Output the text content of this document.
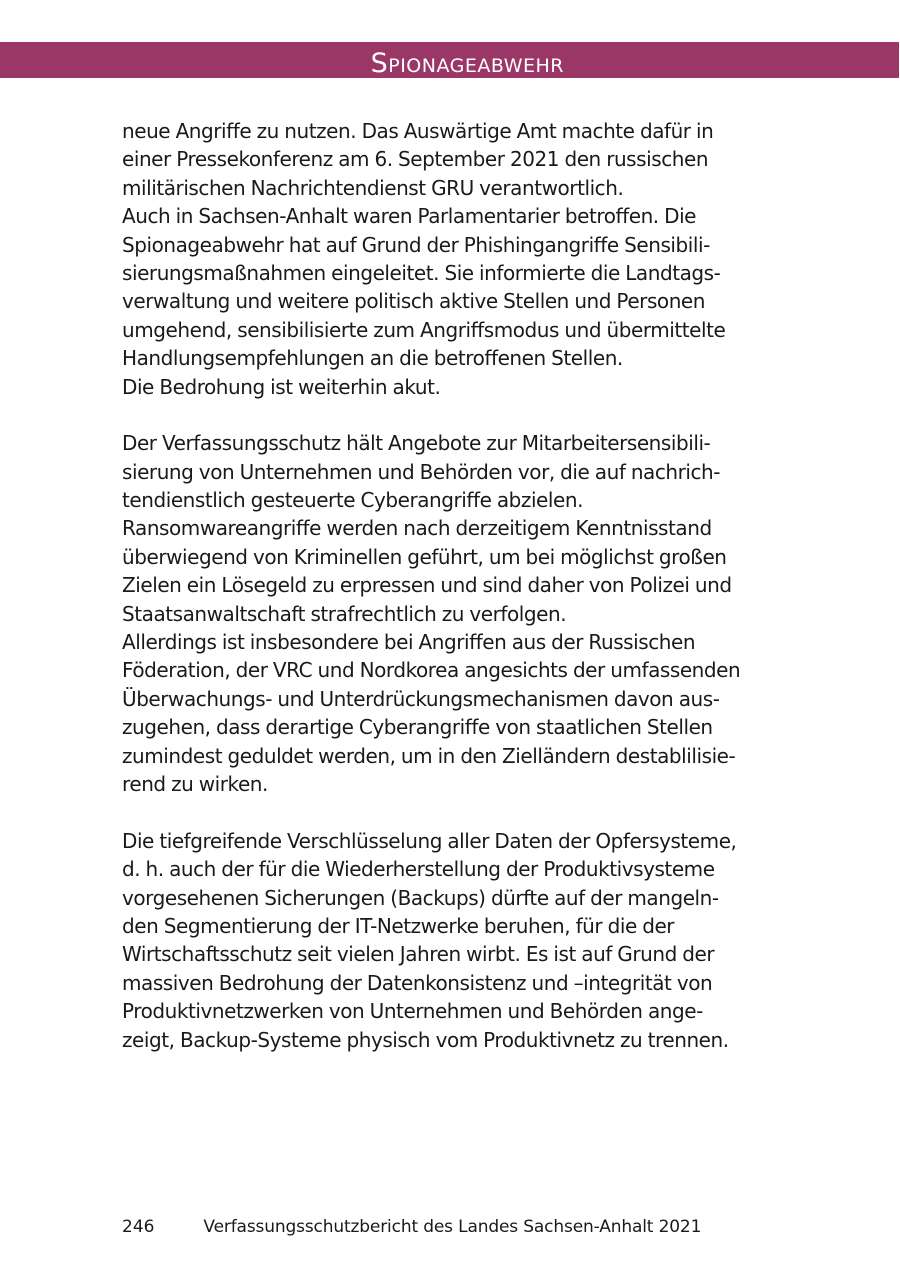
Spionageabwehr
neue Angriffe zu nutzen. Das Auswärtige Amt machte dafür in
einer Pressekonferenz am 6. September 2021 den russischen
militärischen Nachrichtendienst GRU verantwortlich.
Auch in Sachsen-Anhalt waren Parlamentarier betroffen. Die
Spionageabwehr hat auf Grund der Phishingangriffe Sensibili-
sierungsmaßnahmen eingeleitet. Sie informierte die Landtags-
verwaltung und weitere politisch aktive Stellen und Personen
umgehend, sensibilisierte zum Angriffsmodus und übermittelte
Handlungsempfehlungen an die betroffenen Stellen.
Die Bedrohung ist weiterhin akut.
Der Verfassungsschutz hält Angebote zur Mitarbeitersensibili-
sierung von Unternehmen und Behörden vor, die auf nachrich-
tendienstlich gesteuerte Cyberangriffe abzielen.
Ransomwareangriffe werden nach derzeitigem Kenntnisstand
überwiegend von Kriminellen geführt, um bei möglichst großen
Zielen ein Lösegeld zu erpressen und sind daher von Polizei und
Staatsanwaltschaft strafrechtlich zu verfolgen.
Allerdings ist insbesondere bei Angriffen aus der Russischen
Föderation, der VRC und Nordkorea angesichts der umfassenden
Überwachungs- und Unterdrückungsmechanismen davon aus-
zugehen, dass derartige Cyberangriffe von staatlichen Stellen
zumindest geduldet werden, um in den Zielländern destablilisie-
rend zu wirken.
Die tiefgreifende Verschlüsselung aller Daten der Opfersysteme,
d. h. auch der für die Wiederherstellung der Produktivsysteme
vorgesehenen Sicherungen (Backups) dürfte auf der mangeln-
den Segmentierung der IT-Netzwerke beruhen, für die der
Wirtschaftsschutz seit vielen Jahren wirbt. Es ist auf Grund der
massiven Bedrohung der Datenkonsistenz und –integrität von
Produktivnetzwerken von Unternehmen und Behörden ange-
zeigt, Backup-Systeme physisch vom Produktivnetz zu trennen.
246	Verfassungsschutzbericht des Landes Sachsen-Anhalt 2021
